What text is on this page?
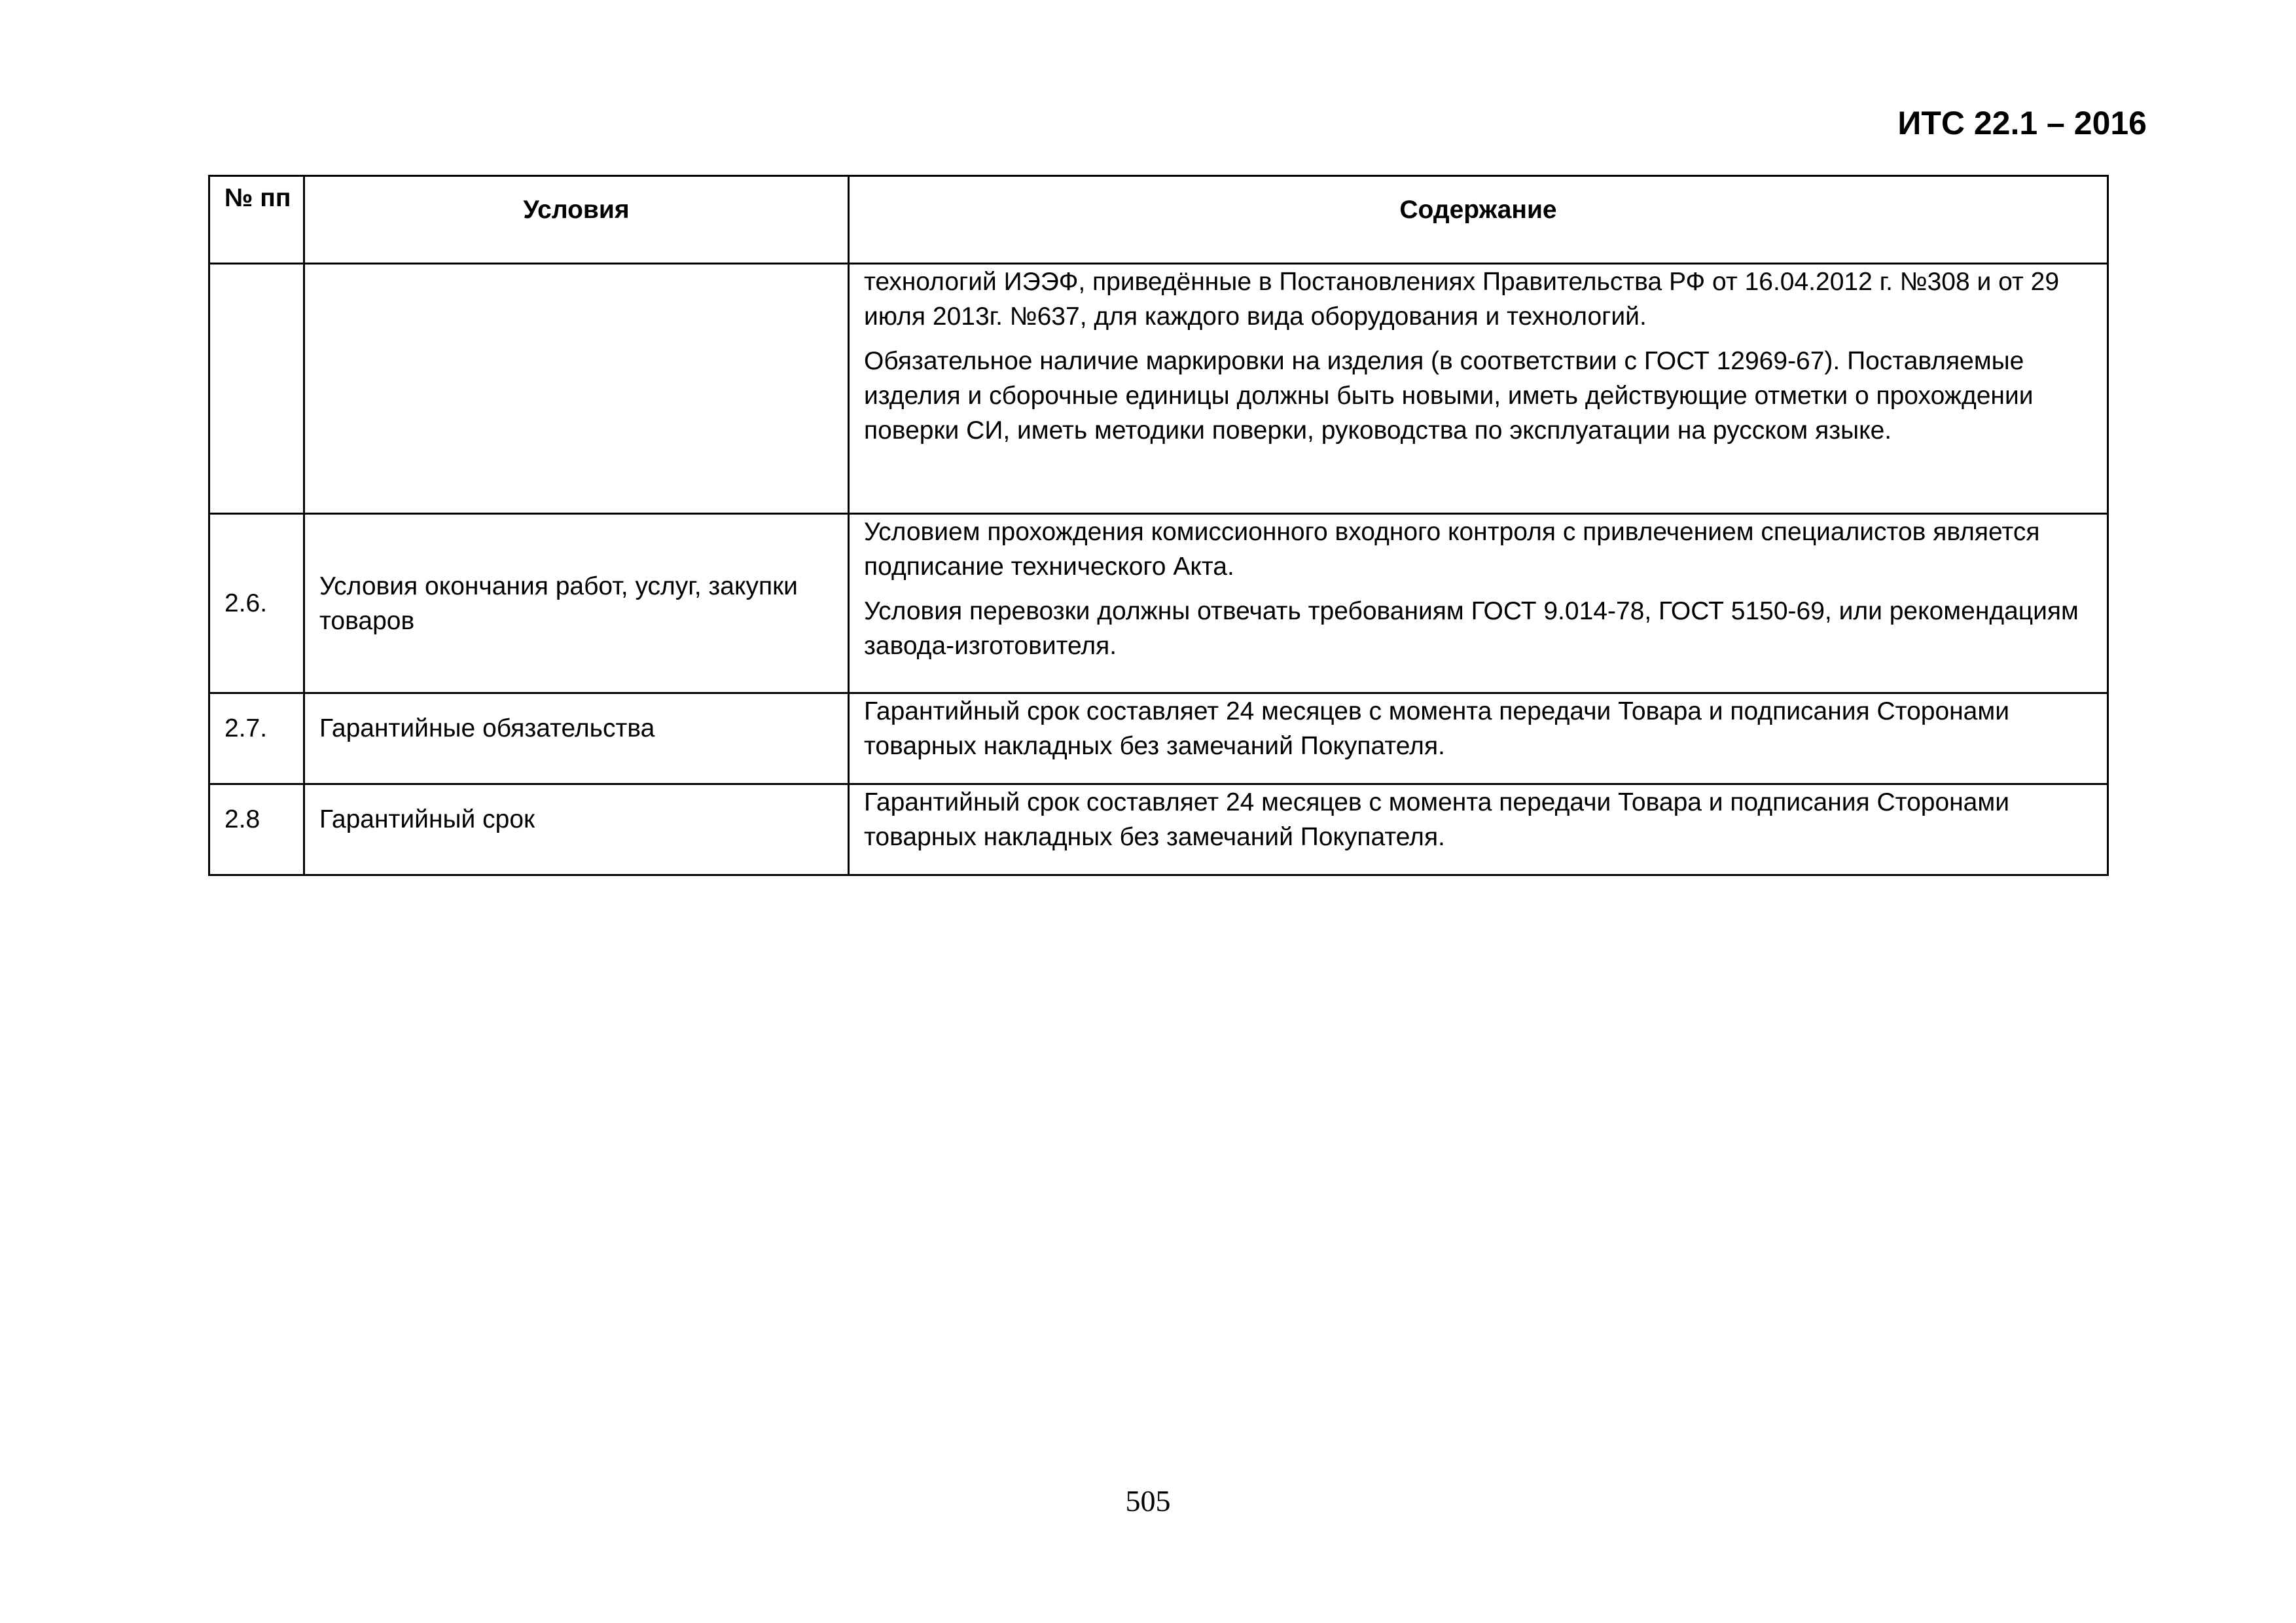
ИТС 22.1 – 2016
№ пп	Условия	Содержание

		технологий ИЭЭФ, приведённые в Постановлениях Правительства РФ от 16.04.2012 г. №308 и от 29 июля 2013г. №637, для каждого вида оборудования и технологий.

Обязательное наличие маркировки на изделия (в соответствии с ГОСТ 12969-67). Поставляемые изделия и сборочные единицы должны быть новыми, иметь действующие отметки о прохождении поверки СИ, иметь методики поверки, руководства по эксплуатации на русском языке.

2.6.	Условия окончания работ, услуг, закупки товаров	Условием прохождения комиссионного входного контроля с привлечением специалистов является подписание технического Акта.

Условия перевозки должны отвечать требованиям ГОСТ 9.014-78, ГОСТ 5150-69, или рекомендациям завода-изготовителя.

2.7.	Гарантийные обязательства	Гарантийный срок составляет 24 месяцев с момента передачи Товара и подписания Сторонами товарных накладных без замечаний Покупателя.

2.8	Гарантийный срок	Гарантийный срок составляет 24 месяцев с момента передачи Товара и подписания Сторонами товарных накладных без замечаний Покупателя.

505
